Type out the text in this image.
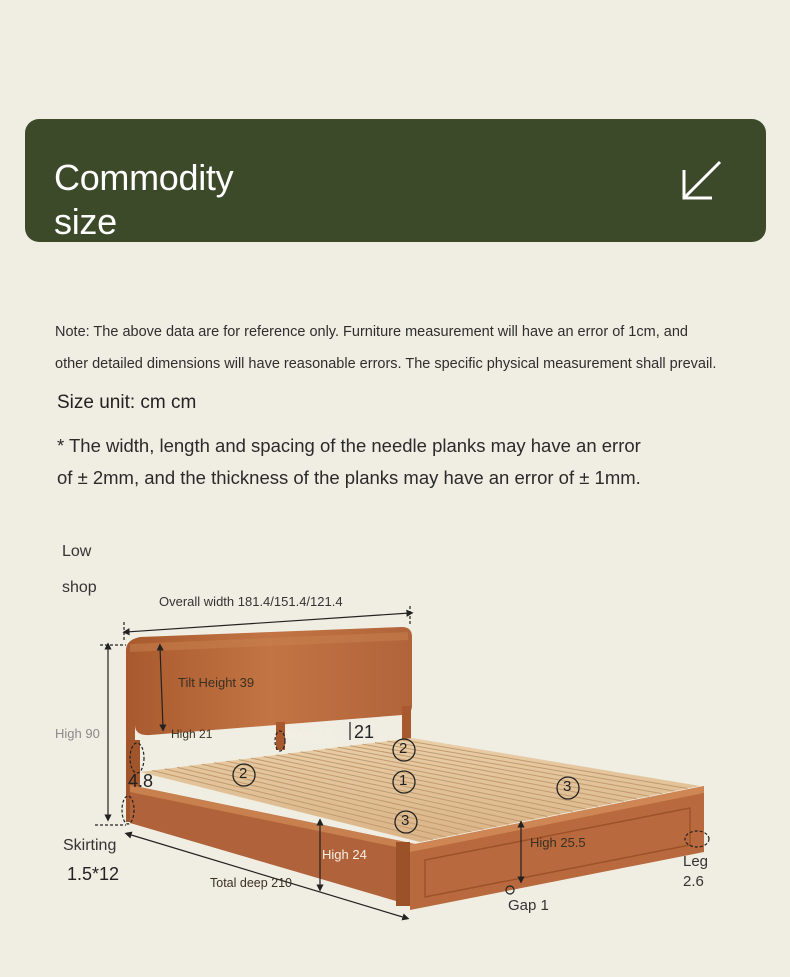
Commodity
size
Note: The above data are for reference only. Furniture measurement will have an error of 1cm, and
other detailed dimensions will have reasonable errors. The specific physical measurement shall prevail.
Size unit: cm cm
* The width, length and spacing of the needle planks may have an error
of ± 2mm, and the thickness of the planks may have an error of ± 1mm.
2
2
1
3
3
Low
shop
Overall width 181.4/151.4/121.4
Tilt Height 39
High 90	High 21	Wide 2.5 21
4.8
Skirting
1.5*12
High 24
Total deep 210
High 25.5
Gap 1
Leg
2.6
